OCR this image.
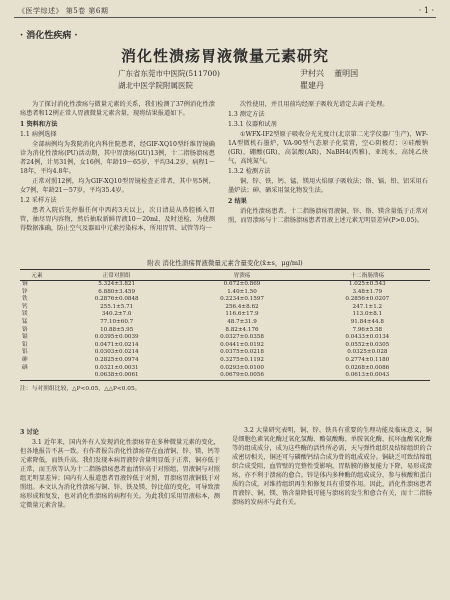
《医学综述》 第5卷 第6期	· 1 ·
· 消化性疾病 ·
消化性溃疡胃液微量元素研究
广东省东莞市中医院(511700)
湖北中医学院附属医院
尹村兴 董明国
瞿建丹

为了探讨消化性溃疡与微量元素的关系，我们检测了37例消化性溃疡患者和12例正常人胃液微量元素含量，现将结果报道如下。

1 资料和方法

1.1 病例选择

全部病例均为我院消化内科住院患者，经GIF-XQ10型纤维胃镜确诊为消化性溃疡(PU)活动期，其中胃溃疡(GU)13例，十二指肠溃疡患者24例，计男31例，女16例，年龄19～65岁，平均34.2岁，病程1～18年，平均4.8年。

正常对照12例，均为GIF-XQ10型胃镜检查正常者，其中男5例，女7例，年龄21～57岁，平均35.4岁。

1.2 采样方法

患者入院后先停服任何中西药3天以上，次日清晨从鼻腔插入胃管，抽尽胃内容物，然后抽取新鲜胃液10～20ml，及时送检，为使测得数据准确，防止空气及器皿中元素污染标本，所用胃管、试管等均一

次性使用，并且用前均经原子吸收光谱定去离子处理。

1.3 测定方法

1.3.1 仪器和试剂

①WFX-IF2型原子吸收分光光度计(北京第二光学仪器厂生产)，WF-1A型微机石墨炉，VA-90型气态原子化装置，空心阴极灯；②硅酸钠(GR)，硼酸(GR)，高氯酸(AR)，NaBH4(西雅)，亚纯水，高纯乙炔气，高纯氮气。

1.3.2 检测方法

铜、锌、铁、钙、锰、镁用火焰原子吸收法；铬、镉、铅、铝采用石墨炉法；砷、硒采用氢化物发生法。

2 结果

消化性溃疡患者、十二指肠溃疡胃液铜、锌、铬、镁含量低于正常对照，而胃溃疡与十二指肠溃疡患者胃液上述元素无明显差异(P>0.05)。

附表 消化性溃疡胃液微量元素含量变化(x̄±s，μg/ml)
元素	正常对照组	胃溃疡	十二指肠溃疡
铜	5.324±3.821	0.672±0.869	1.025±0.543
锌	6.880±3.459	1.40±1.50	3.48±1.79
铁	0.2876±0.0848	0.2234±0.1597	0.2856±0.0207
钙	255.1±5.71	256.4±8.62	247.1±1.2
镁	340.2±7.0	116.6±17.9	113.0±8.1
锰	77.10±60.7	48.7±31.9	91.84±44.8
铬	10.88±5.95	8.82±4.176	7.96±5.58
镉	0.0395±0.0039	0.0327±0.0358	0.0433±0.0134
铅	0.0471±0.0214	0.0441±0.0192	0.0552±0.0305
铝	0.0303±0.0214	0.0375±0.0218	0.0325±0.028
砷	0.2825±0.0974	0.3275±0.1192	0.2774±0.1180
硒	0.0321±0.0031	0.0293±0.0100	0.0268±0.0086
	0.0638±0.0061	0.0679±0.0056	0.0613±0.0043
注：与对照组比较，△P<0.05，△△P<0.05。

3 讨论

3.1 近年来，国内外有人发现消化性溃疡存在多种微量元素的变化，但各地报告不甚一致。有作者报告消化性溃疡存在血清铜、锌、镁、钙等元素降低，而铁升高。我们发现本病胃液锌含量明显低于正常，铜亦低于正常，而王欣等认为十二指肠溃疡患者血清锌高于对照组，胃液铜与对照组无明显差异；国内有人报道患者胃液锌低于对照，胃溃疡胃液铜低于对照组。本文认为消化性溃疡与铜、锌、铁及镁、锌比值的变化，可导致溃疡形成和复发，也对消化性溃疡的病程有关。为此我们采用胃液标本，测定微量元素含量。

3.2 大量研究表明，铜、锌、铁具有重要的生理功能及临床意义，铜是细胞色素氧化酶过氧化氢酶、酪氨酸酶、单胺氧化酶、抗坏血酸氧化酶等的组成成分，成为这些酶的活性所必需，天与弹性组织及结缔组织的合成密切相关，铜还可与磷酸钙结合成为骨的组成成分。铜缺乏可致结缔组织合成受阻，血管壁的完整性受影响，胃粘膜的修复能力下降，易形成溃疡，亦不利于溃疡的愈合。锌是体内多种酶的组成成分，参与核酸和蛋白质的合成，对维持组织再生和修复具有重要作用。因此，消化性溃疡患者胃液锌、铜、镁、铬含量降低可能与溃疡的发生和愈合有关，而十二指肠溃疡的发病亦与此有关。
